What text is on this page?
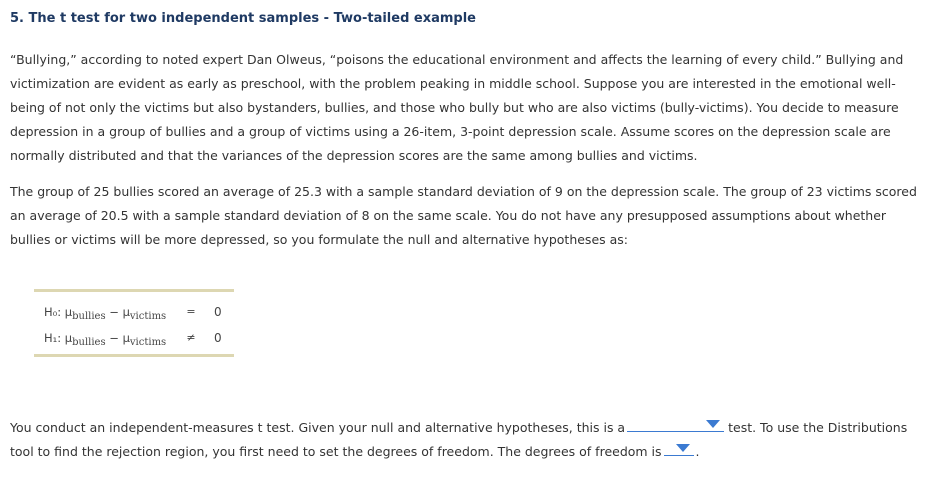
5. The t test for two independent samples - Two-tailed example

“Bullying,” according to noted expert Dan Olweus, “poisons the educational environment and affects the learning of every child.” Bullying and victimization are evident as early as preschool, with the problem peaking in middle school. Suppose you are interested in the emotional well-being of not only the victims but also bystanders, bullies, and those who bully but who are also victims (bully-victims). You decide to measure depression in a group of bullies and a group of victims using a 26-item, 3-point depression scale. Assume scores on the depression scale are normally distributed and that the variances of the depression scores are the same among bullies and victims.

The group of 25 bullies scored an average of 25.3 with a sample standard deviation of 9 on the depression scale. The group of 23 victims scored an average of 20.5 with a sample standard deviation of 8 on the same scale. You do not have any presupposed assumptions about whether bullies or victims will be more depressed, so you formulate the null and alternative hypotheses as:

H₀: μbullies − μvictims = 0
H₁: μbullies − μvictims ≠ 0

You conduct an independent-measures t test. Given your null and alternative hypotheses, this is a	test. To use the Distributions tool to find the rejection region, you first need to set the degrees of freedom. The degrees of freedom is	.
